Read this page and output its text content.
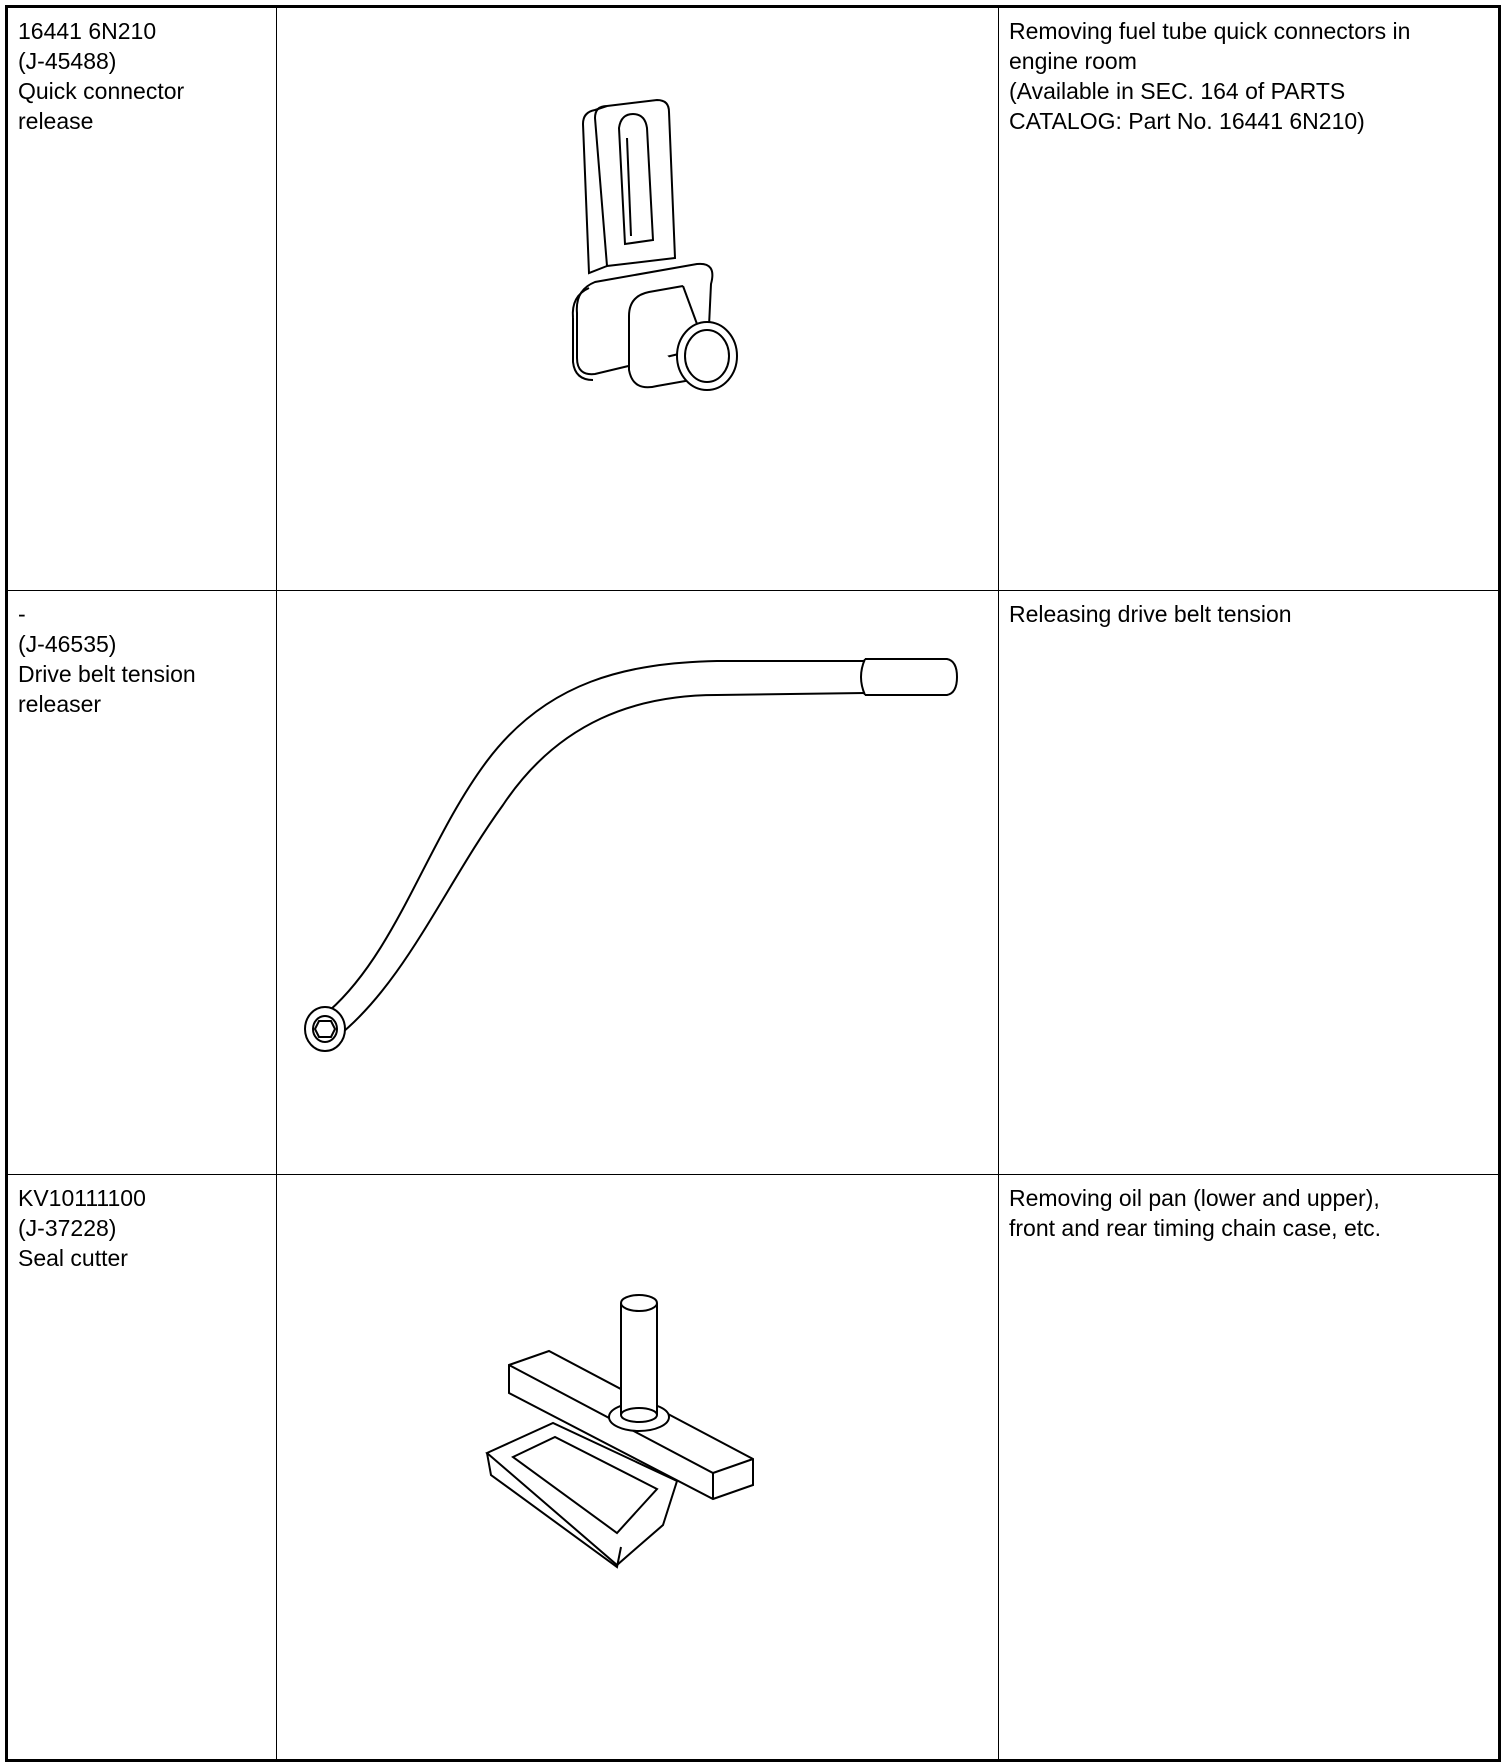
16441 6N210
(J-45488)
Quick connector
release		Removing fuel tube quick connectors in
engine room
(Available in SEC. 164 of PARTS
CATALOG: Part No. 16441 6N210)

-
(J-46535)
Drive belt tension
releaser		Releasing drive belt tension

KV10111100
(J-37228)
Seal cutter		Removing oil pan (lower and upper),
front and rear timing chain case, etc.
